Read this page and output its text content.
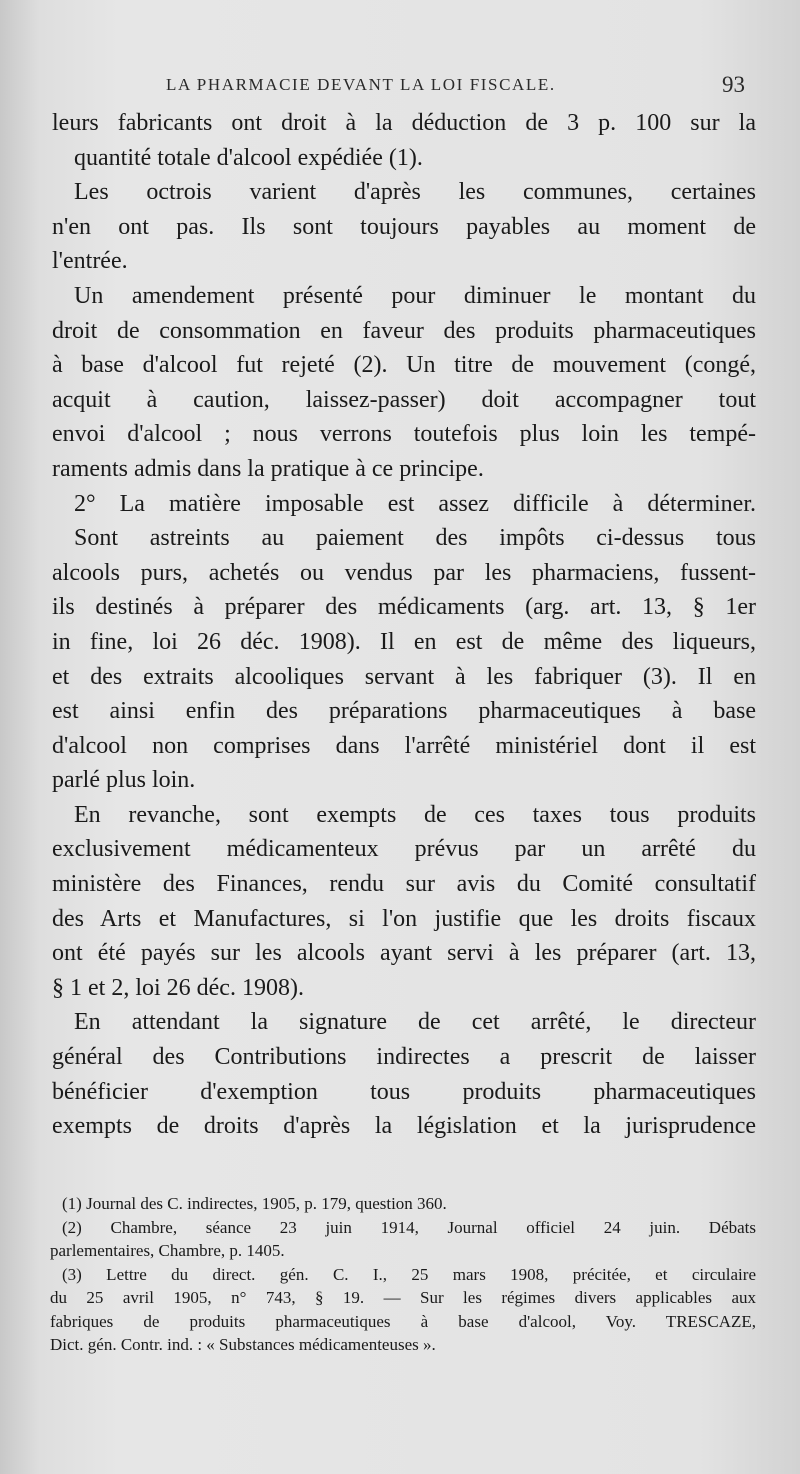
LA PHARMACIE DEVANT LA LOI FISCALE.	93
leurs fabricants ont droit à la déduction de 3 p. 100 sur la
quantité totale d'alcool expédiée (1).
Les octrois varient d'après les communes, certaines
n'en ont pas. Ils sont toujours payables au moment de
l'entrée.
Un amendement présenté pour diminuer le montant du
droit de consommation en faveur des produits pharmaceutiques
à base d'alcool fut rejeté (2). Un titre de mouvement (congé,
acquit à caution, laissez-passer) doit accompagner tout
envoi d'alcool ; nous verrons toutefois plus loin les tempé-
raments admis dans la pratique à ce principe.
2° La matière imposable est assez difficile à déterminer.
Sont astreints au paiement des impôts ci-dessus tous
alcools purs, achetés ou vendus par les pharmaciens, fussent-
ils destinés à préparer des médicaments (arg. art. 13, § 1er
in fine, loi 26 déc. 1908). Il en est de même des liqueurs,
et des extraits alcooliques servant à les fabriquer (3). Il en
est ainsi enfin des préparations pharmaceutiques à base
d'alcool non comprises dans l'arrêté ministériel dont il est
parlé plus loin.
En revanche, sont exempts de ces taxes tous produits
exclusivement médicamenteux prévus par un arrêté du
ministère des Finances, rendu sur avis du Comité consultatif
des Arts et Manufactures, si l'on justifie que les droits fiscaux
ont été payés sur les alcools ayant servi à les préparer (art. 13,
§ 1 et 2, loi 26 déc. 1908).
En attendant la signature de cet arrêté, le directeur
général des Contributions indirectes a prescrit de laisser
bénéficier d'exemption tous produits pharmaceutiques
exempts de droits d'après la législation et la jurisprudence
(1) Journal des C. indirectes, 1905, p. 179, question 360.
(2) Chambre, séance 23 juin 1914, Journal officiel 24 juin. Débats
parlementaires, Chambre, p. 1405.
(3) Lettre du direct. gén. C. I., 25 mars 1908, précitée, et circulaire
du 25 avril 1905, n° 743, § 19. — Sur les régimes divers applicables aux
fabriques de produits pharmaceutiques à base d'alcool, Voy. TRESCAZE,
Dict. gén. Contr. ind. : « Substances médicamenteuses ».
